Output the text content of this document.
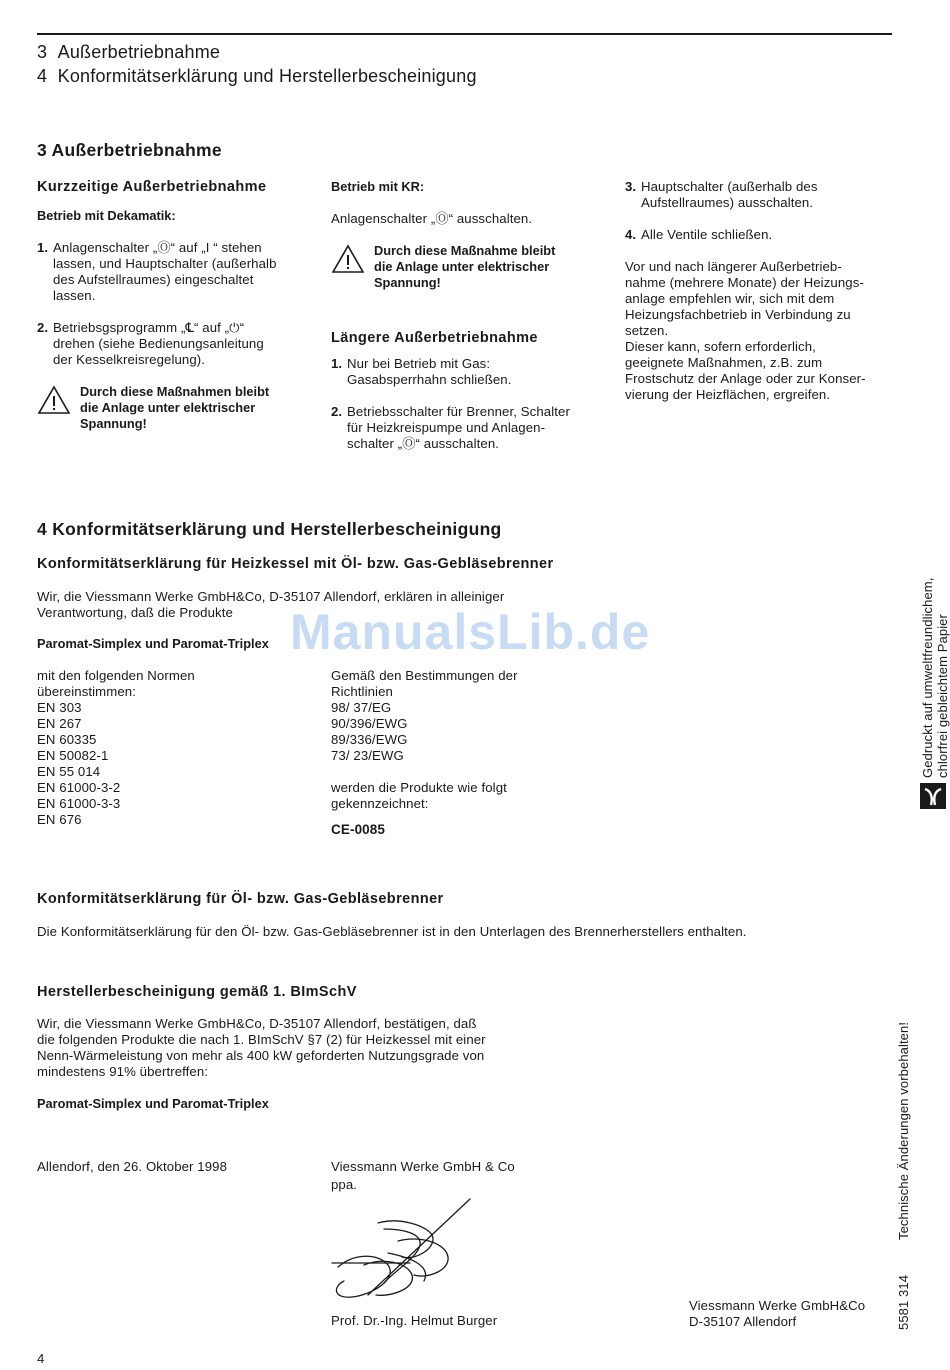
3 Außerbetriebnahme
4 Konformitätserklärung und Herstellerbescheinigung
3 Außerbetriebnahme
Kurzzeitige Außerbetriebnahme
Betrieb mit Dekamatik:
1. Anlagenschalter „Ⓞ“ auf „I “ stehen
lassen, und Hauptschalter (außerhalb
des Aufstellraumes) eingeschaltet
lassen.
2. Betriebsgsprogramm „℄“ auf „⏻“
drehen (siehe Bedienungsanleitung
der Kesselkreisregelung).
Durch diese Maßnahmen bleibt
die Anlage unter elektrischer
Spannung!
Betrieb mit KR:
Anlagenschalter „Ⓞ“ ausschalten.
Durch diese Maßnahme bleibt
die Anlage unter elektrischer
Spannung!
Längere Außerbetriebnahme
1. Nur bei Betrieb mit Gas:
Gasabsperrhahn schließen.
2. Betriebsschalter für Brenner, Schalter
für Heizkreispumpe und Anlagen-
schalter „Ⓞ“ ausschalten.
3. Hauptschalter (außerhalb des
Aufstellraumes) ausschalten.
4. Alle Ventile schließen.
Vor und nach längerer Außerbetrieb-
nahme (mehrere Monate) der Heizungs-
anlage empfehlen wir, sich mit dem
Heizungsfachbetrieb in Verbindung zu
setzen.
Dieser kann, sofern erforderlich,
geeignete Maßnahmen, z.B. zum
Frostschutz der Anlage oder zur Konser-
vierung der Heizflächen, ergreifen.
4 Konformitätserklärung und Herstellerbescheinigung
Konformitätserklärung für Heizkessel mit Öl- bzw. Gas-Gebläsebrenner
Wir, die Viessmann Werke GmbH&Co, D-35107 Allendorf, erklären in alleiniger
Verantwortung, daß die Produkte
Paromat-Simplex und Paromat-Triplex
mit den folgenden Normen
übereinstimmen:
EN 303
EN 267
EN 60335
EN 50082-1
EN 55 014
EN 61000-3-2
EN 61000-3-3
EN 676
Gemäß den Bestimmungen der
Richtlinien
98/ 37/EG
90/396/EWG
89/336/EWG
73/ 23/EWG
werden die Produkte wie folgt
gekennzeichnet:
CE-0085
Konformitätserklärung für Öl- bzw. Gas-Gebläsebrenner
Die Konformitätserklärung für den Öl- bzw. Gas-Gebläsebrenner ist in den Unterlagen des Brennerherstellers enthalten.
Herstellerbescheinigung gemäß 1. BImSchV
Wir, die Viessmann Werke GmbH&Co, D-35107 Allendorf, bestätigen, daß
die folgenden Produkte die nach 1. BImSchV §7 (2) für Heizkessel mit einer
Nenn-Wärmeleistung von mehr als 400 kW geforderten Nutzungsgrade von
mindestens 91% übertreffen:
Paromat-Simplex und Paromat-Triplex
Allendorf, den 26. Oktober 1998	Viessmann Werke GmbH & Co
ppa.
Prof. Dr.-Ing. Helmut Burger
Viessmann Werke GmbH&Co
D-35107 Allendorf
4
5581 314
Technische Änderungen vorbehalten!
Gedruckt auf umweltfreundlichem, chlorfrei gebleichtem Papier
ManualsLib.de
